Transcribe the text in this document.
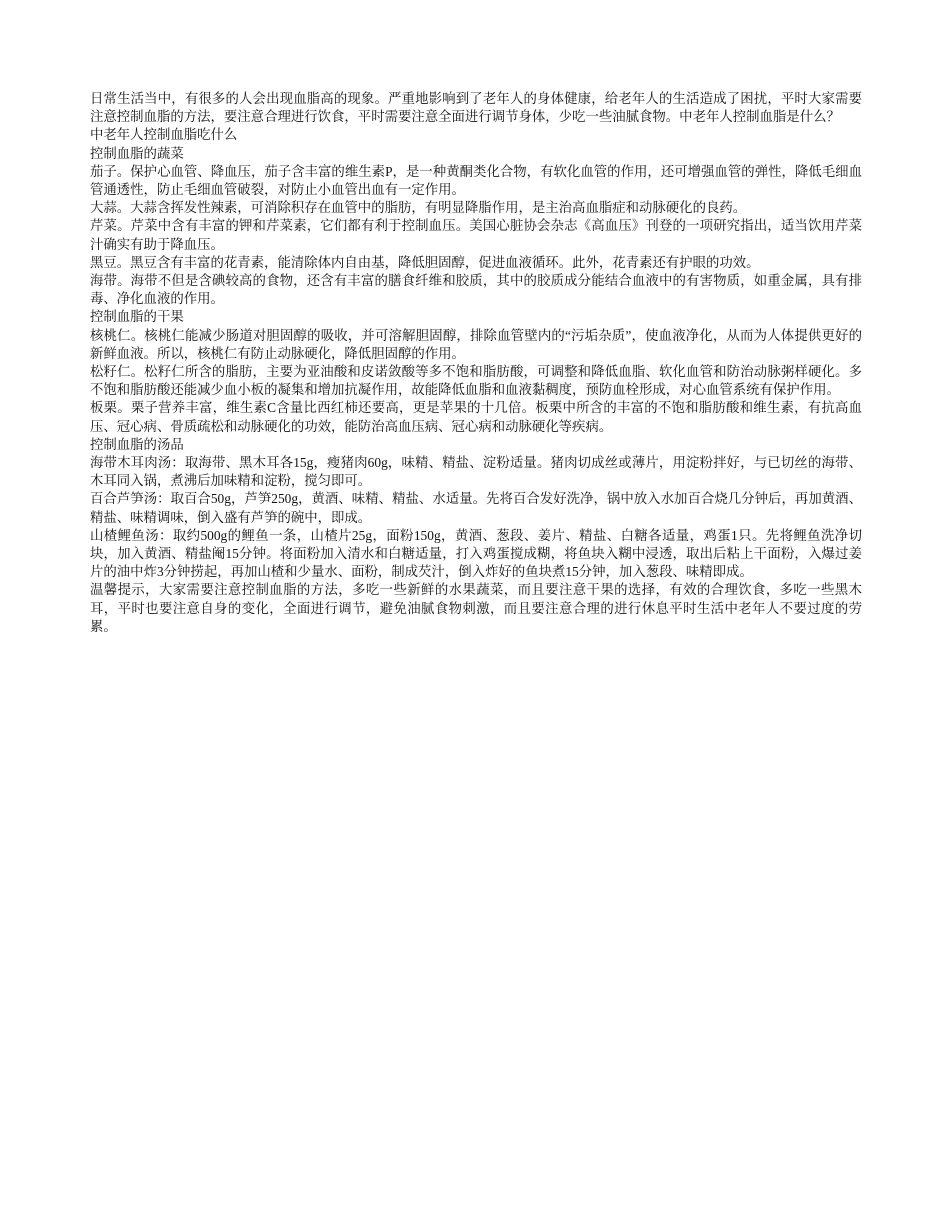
日常生活当中，有很多的人会出现血脂高的现象。严重地影响到了老年人的身体健康，给老年人的生活造成了困扰，平时大家需要注意控制血脂的方法，要注意合理进行饮食，平时需要注意全面进行调节身体，少吃一些油腻食物。中老年人控制血脂是什么？

中老年人控制血脂吃什么

控制血脂的蔬菜

茄子。保护心血管、降血压，茄子含丰富的维生素P，是一种黄酮类化合物，有软化血管的作用，还可增强血管的弹性，降低毛细血管通透性，防止毛细血管破裂，对防止小血管出血有一定作用。

大蒜。大蒜含挥发性辣素，可消除积存在血管中的脂肪，有明显降脂作用，是主治高血脂症和动脉硬化的良药。

芹菜。芹菜中含有丰富的钾和芹菜素，它们都有利于控制血压。美国心脏协会杂志《高血压》刊登的一项研究指出，适当饮用芹菜汁确实有助于降血压。

黑豆。黑豆含有丰富的花青素，能清除体内自由基，降低胆固醇，促进血液循环。此外，花青素还有护眼的功效。

海带。海带不但是含碘较高的食物，还含有丰富的膳食纤维和胶质，其中的胶质成分能结合血液中的有害物质，如重金属，具有排毒、净化血液的作用。

控制血脂的干果

核桃仁。核桃仁能减少肠道对胆固醇的吸收，并可溶解胆固醇，排除血管壁内的“污垢杂质”，使血液净化，从而为人体提供更好的新鲜血液。所以，核桃仁有防止动脉硬化，降低胆固醇的作用。

松籽仁。松籽仁所含的脂肪，主要为亚油酸和皮诺敛酸等多不饱和脂肪酸，可调整和降低血脂、软化血管和防治动脉粥样硬化。多不饱和脂肪酸还能减少血小板的凝集和增加抗凝作用，故能降低血脂和血液黏稠度，预防血栓形成，对心血管系统有保护作用。

板栗。栗子营养丰富，维生素C含量比西红柿还要高，更是苹果的十几倍。板栗中所含的丰富的不饱和脂肪酸和维生素，有抗高血压、冠心病、骨质疏松和动脉硬化的功效，能防治高血压病、冠心病和动脉硬化等疾病。

控制血脂的汤品

海带木耳肉汤：取海带、黑木耳各15g，瘦猪肉60g，味精、精盐、淀粉适量。猪肉切成丝或薄片，用淀粉拌好，与已切丝的海带、木耳同入锅，煮沸后加味精和淀粉，搅匀即可。

百合芦笋汤：取百合50g，芦笋250g，黄酒、味精、精盐、水适量。先将百合发好洗净，锅中放入水加百合烧几分钟后，再加黄酒、精盐、味精调味，倒入盛有芦笋的碗中，即成。

山楂鲤鱼汤：取约500g的鲤鱼一条，山楂片25g，面粉150g，黄酒、葱段、姜片、精盐、白糖各适量，鸡蛋1只。先将鲤鱼洗净切块，加入黄酒、精盐阉15分钟。将面粉加入清水和白糖适量，打入鸡蛋搅成糊，将鱼块入糊中浸透，取出后粘上干面粉，入爆过姜片的油中炸3分钟捞起，再加山楂和少量水、面粉，制成芡汁，倒入炸好的鱼块煮15分钟，加入葱段、味精即成。

温馨提示，大家需要注意控制血脂的方法，多吃一些新鲜的水果蔬菜，而且要注意干果的选择，有效的合理饮食，多吃一些黑木耳，平时也要注意自身的变化，全面进行调节，避免油腻食物刺激，而且要注意合理的进行休息平时生活中老年人不要过度的劳累。
